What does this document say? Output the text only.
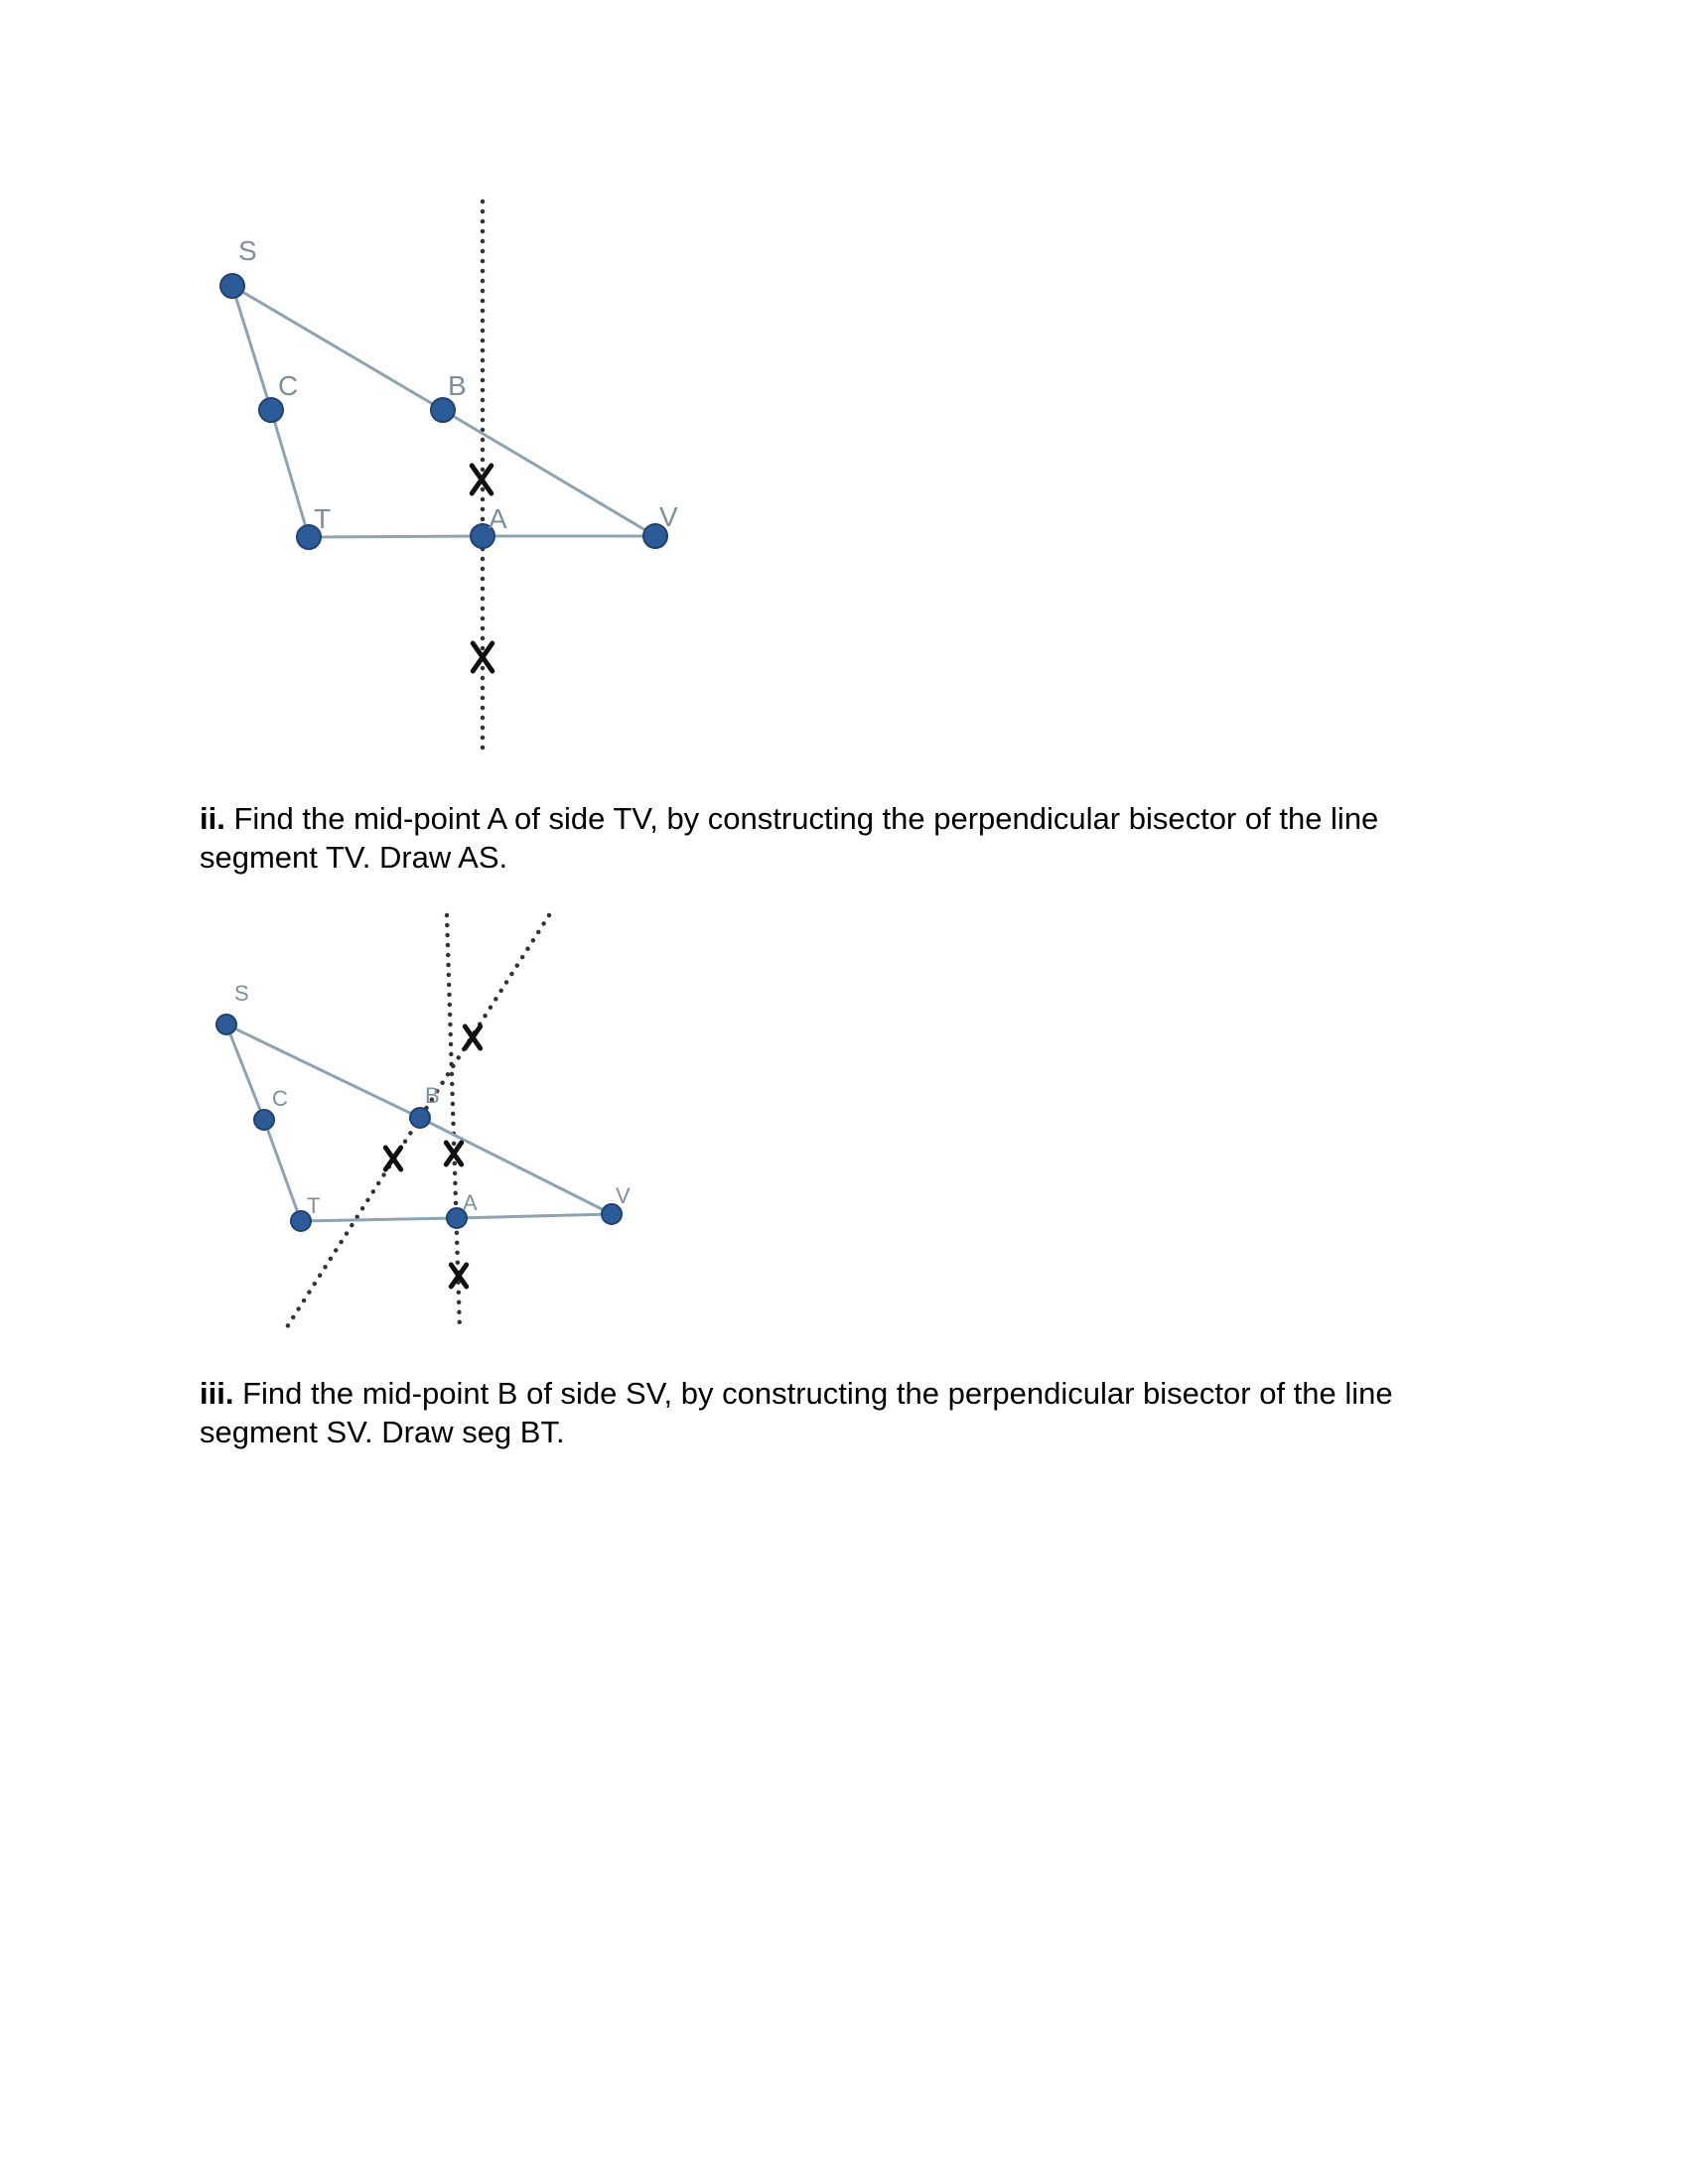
S
C	B
T	A	V
S
C	B
T	A	V

ii. Find the mid-point A of side TV, by constructing the perpendicular bisector of the line
segment TV. Draw AS.

iii. Find the mid-point B of side SV, by constructing the perpendicular bisector of the line
segment SV. Draw seg BT.
